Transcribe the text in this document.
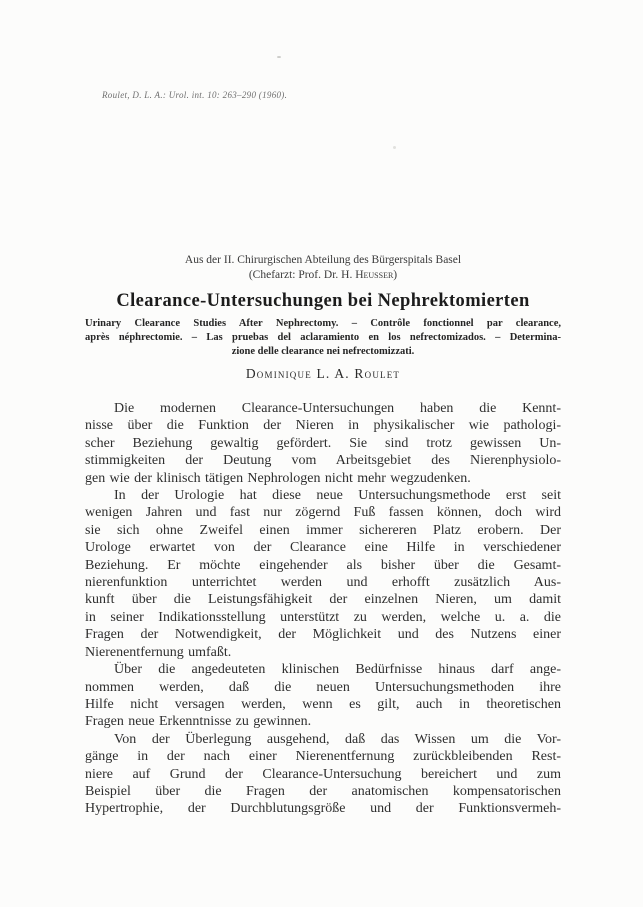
Roulet, D. L. A.: Urol. int. 10: 263–290 (1960).
Aus der II. Chirurgischen Abteilung des Bürgerspitals Basel
(Chefarzt: Prof. Dr. H. Heusser)
Clearance-Untersuchungen bei Nephrektomierten
Urinary Clearance Studies After Nephrectomy. – Contrôle fonctionnel par clearance,
après néphrectomie. – Las pruebas del aclaramiento en los nefrectomizados. – Determina-
zione delle clearance nei nefrectomizzati.
Dominique L. A. Roulet
Die modernen Clearance-Untersuchungen haben die Kennt-
nisse über die Funktion der Nieren in physikalischer wie pathologi-
scher Beziehung gewaltig gefördert. Sie sind trotz gewissen Un-
stimmigkeiten der Deutung vom Arbeitsgebiet des Nierenphysiolo-
gen wie der klinisch tätigen Nephrologen nicht mehr wegzudenken.
In der Urologie hat diese neue Untersuchungsmethode erst seit
wenigen Jahren und fast nur zögernd Fuß fassen können, doch wird
sie sich ohne Zweifel einen immer sichereren Platz erobern. Der
Urologe erwartet von der Clearance eine Hilfe in verschiedener
Beziehung. Er möchte eingehender als bisher über die Gesamt-
nierenfunktion unterrichtet werden und erhofft zusätzlich Aus-
kunft über die Leistungsfähigkeit der einzelnen Nieren, um damit
in seiner Indikationsstellung unterstützt zu werden, welche u. a. die
Fragen der Notwendigkeit, der Möglichkeit und des Nutzens einer
Nierenentfernung umfaßt.
Über die angedeuteten klinischen Bedürfnisse hinaus darf ange-
nommen werden, daß die neuen Untersuchungsmethoden ihre
Hilfe nicht versagen werden, wenn es gilt, auch in theoretischen
Fragen neue Erkenntnisse zu gewinnen.
Von der Überlegung ausgehend, daß das Wissen um die Vor-
gänge in der nach einer Nierenentfernung zurückbleibenden Rest-
niere auf Grund der Clearance-Untersuchung bereichert und zum
Beispiel über die Fragen der anatomischen kompensatorischen
Hypertrophie, der Durchblutungsgröße und der Funktionsvermeh-
